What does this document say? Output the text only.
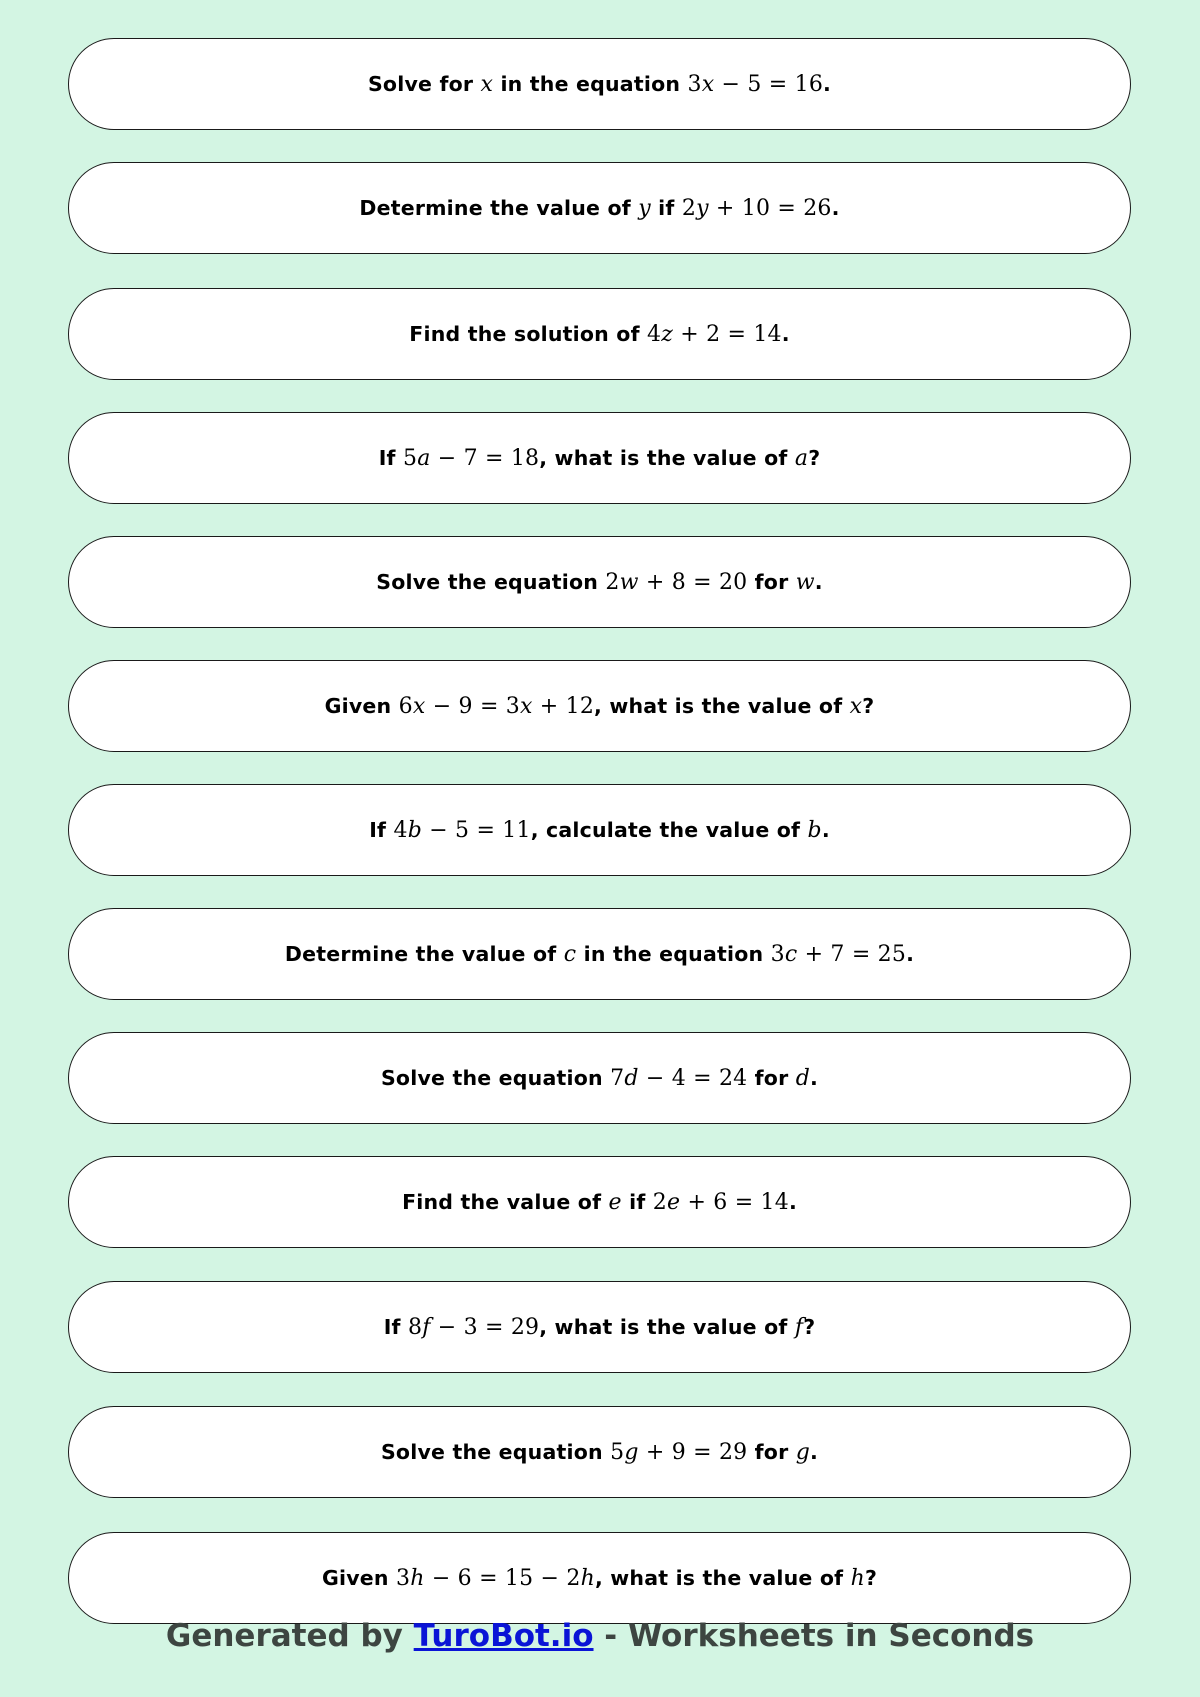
Solve for x in the equation 3x − 5 = 16.
Determine the value of y if 2y + 10 = 26.
Find the solution of 4z + 2 = 14.
If 5a − 7 = 18, what is the value of a?
Solve the equation 2w + 8 = 20 for w.
Given 6x − 9 = 3x + 12, what is the value of x?
If 4b − 5 = 11, calculate the value of b.
Determine the value of c in the equation 3c + 7 = 25.
Solve the equation 7d − 4 = 24 for d.
Find the value of e if 2e + 6 = 14.
If 8f − 3 = 29, what is the value of f?
Solve the equation 5g + 9 = 29 for g.
Given 3h − 6 = 15 − 2h, what is the value of h?
Generated by TuroBot.io - Worksheets in Seconds
